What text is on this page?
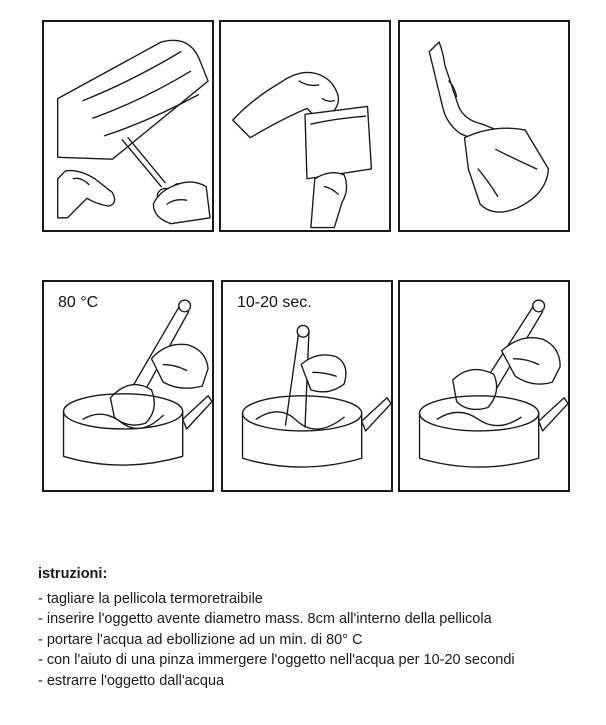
80 °C	10-20 sec.
istruzioni:
- tagliare la pellicola termoretraibile
- inserire l'oggetto avente diametro mass. 8cm all'interno della pellicola
- portare l'acqua ad ebollizione ad un min. di 80° C
- con l'aiuto di una pinza immergere l'oggetto nell'acqua per 10-20 secondi
- estrarre l'oggetto dall'acqua
